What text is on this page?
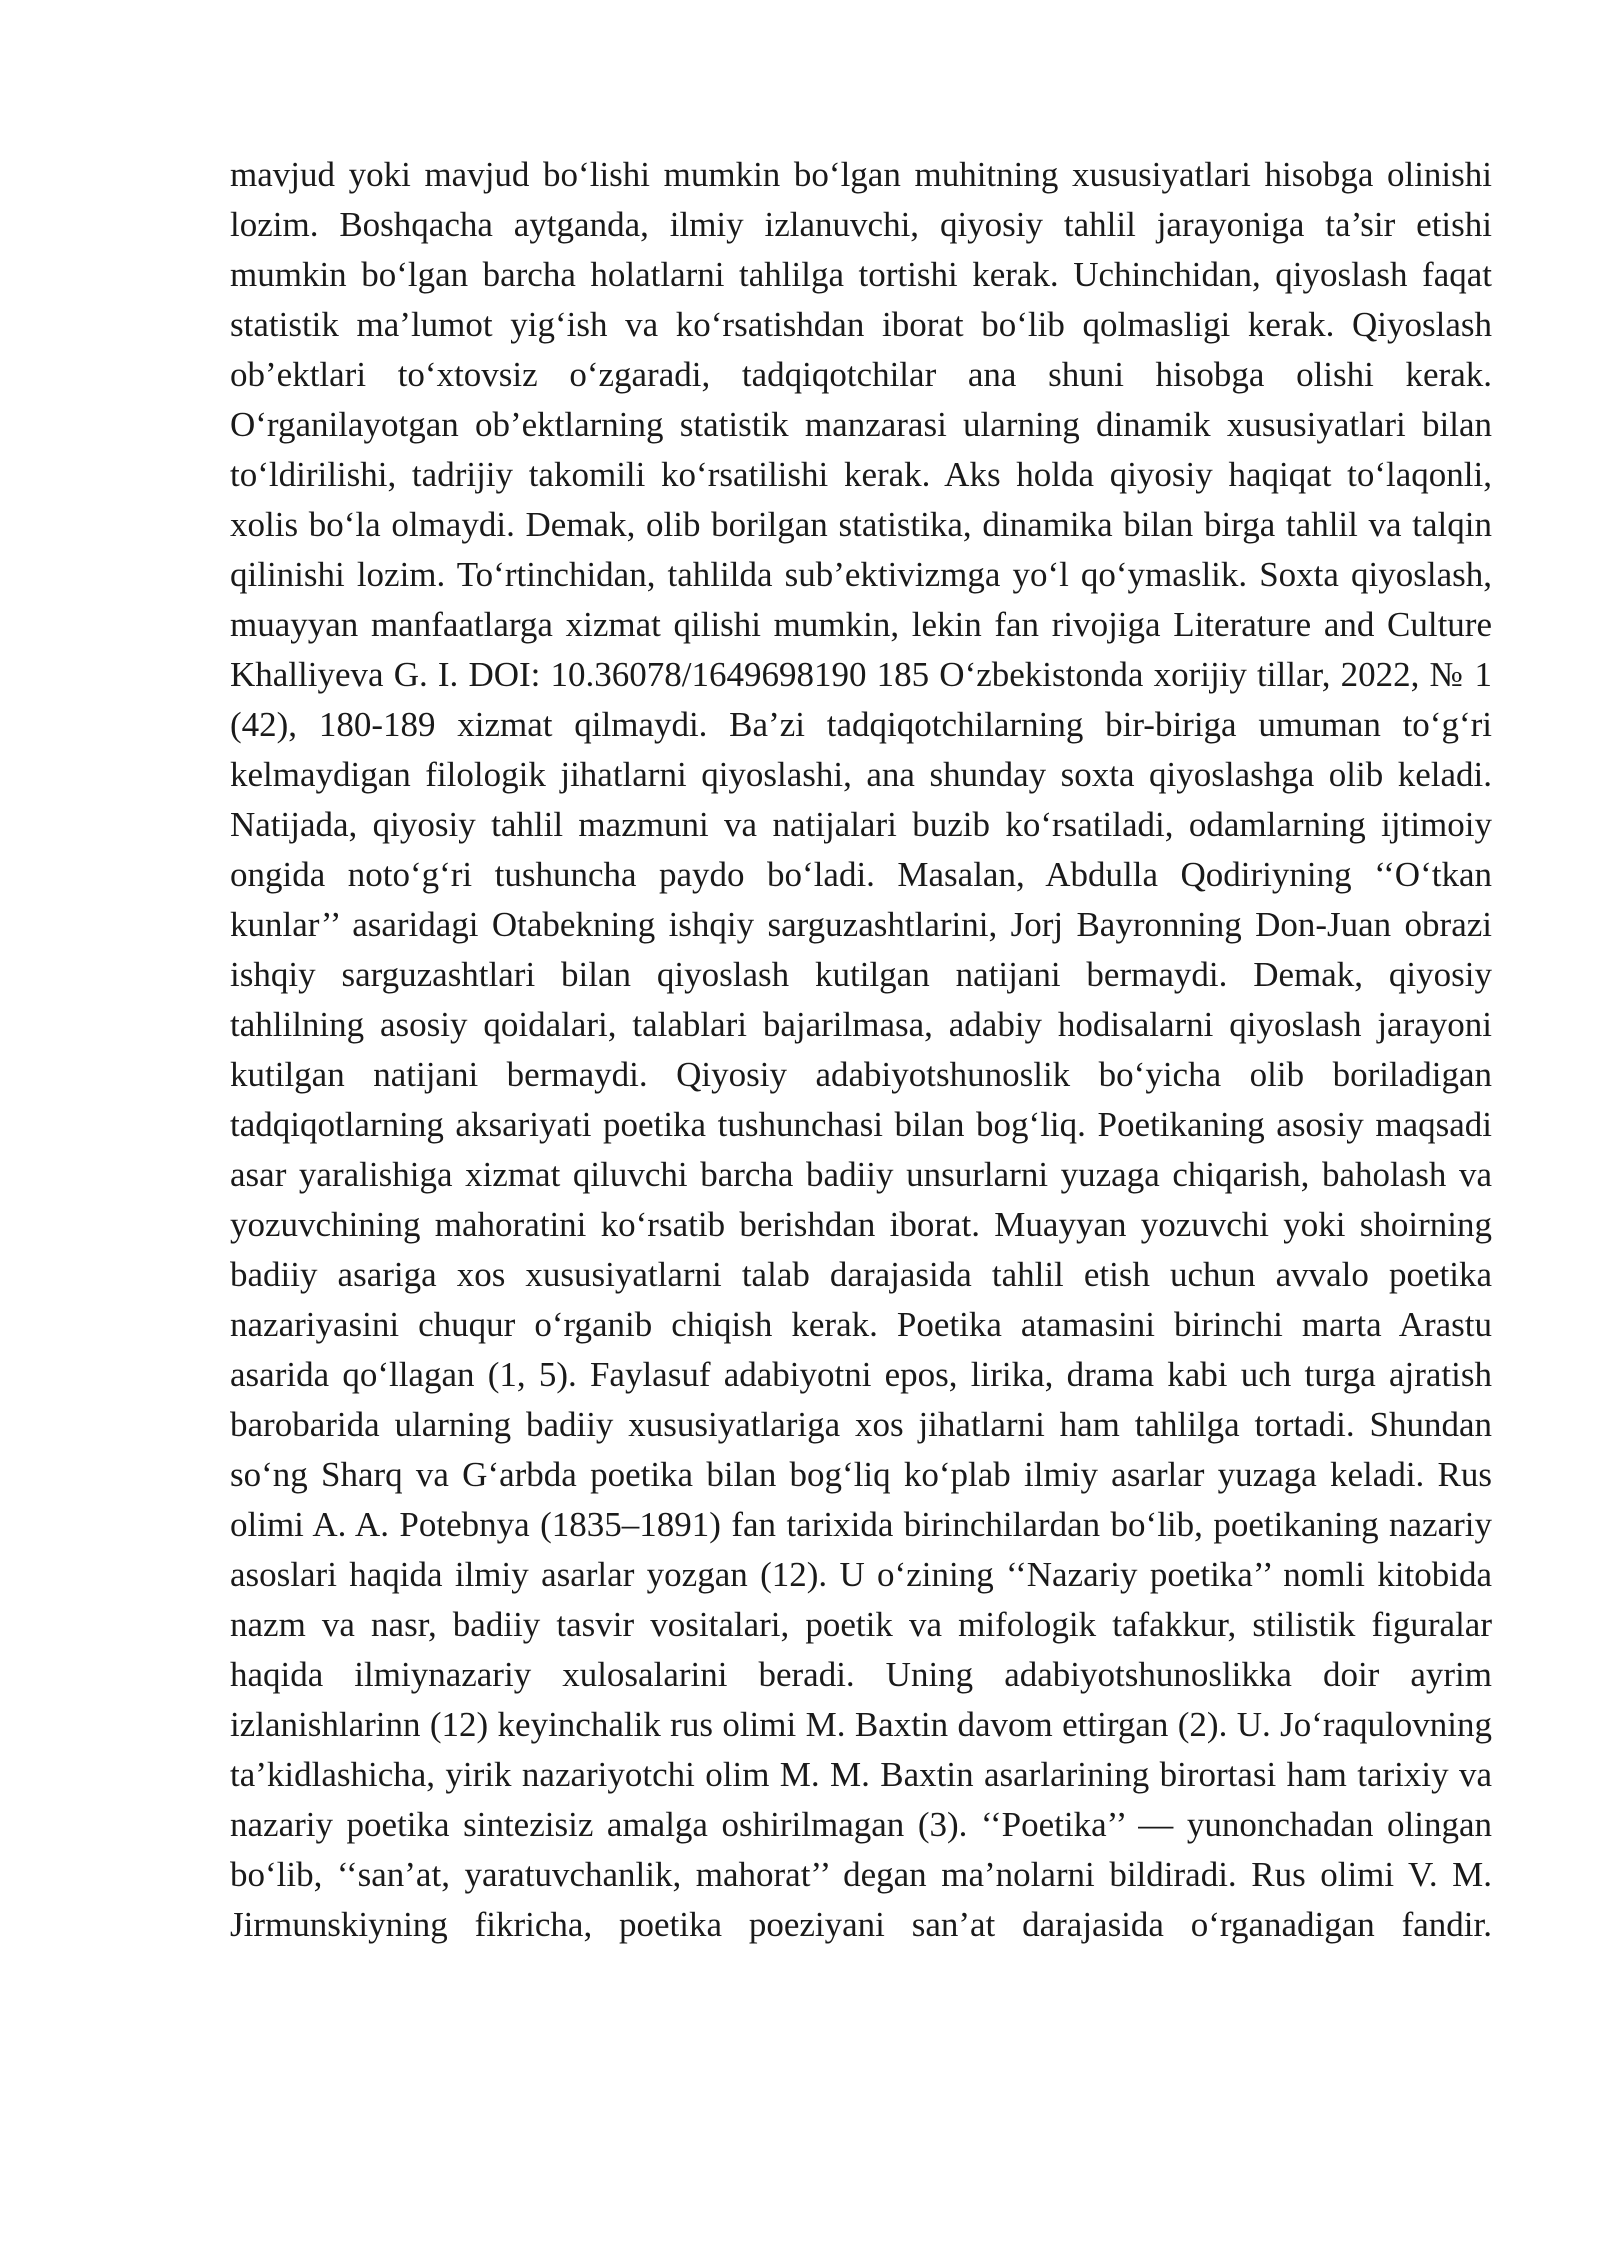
mavjud yoki mavjud bo‘lishi mumkin bo‘lgan muhitning xususiyatlari hisobga olinishi lozim. Boshqacha aytganda, ilmiy izlanuvchi, qiyosiy tahlil jarayoniga ta’sir etishi mumkin bo‘lgan barcha holatlarni tahlilga tortishi kerak. Uchinchidan, qiyoslash faqat statistik ma’lumot yig‘ish va ko‘rsatishdan iborat bo‘lib qolmasligi kerak. Qiyoslash ob’ektlari to‘xtovsiz o‘zgaradi, tadqiqotchilar ana shuni hisobga olishi kerak. O‘rganilayotgan ob’ektlarning statistik manzarasi ularning dinamik xususiyatlari bilan to‘ldirilishi, tadrijiy takomili ko‘rsatilishi kerak. Aks holda qiyosiy haqiqat to‘laqonli, xolis bo‘la olmaydi. Demak, olib borilgan statistika, dinamika bilan birga tahlil va talqin qilinishi lozim. To‘rtinchidan, tahlilda sub’ektivizmga yo‘l qo‘ymaslik. Soxta qiyoslash, muayyan manfaatlarga xizmat qilishi mumkin, lekin fan rivojiga Literature and Culture Khalliyeva G. I. DOI: 10.36078/1649698190 185 O‘zbekistonda xorijiy tillar, 2022, № 1 (42), 180-189 xizmat qilmaydi. Ba’zi tadqiqotchilarning bir-biriga umuman to‘g‘ri kelmaydigan filologik jihatlarni qiyoslashi, ana shunday soxta qiyoslashga olib keladi. Natijada, qiyosiy tahlil mazmuni va natijalari buzib ko‘rsatiladi, odamlarning ijtimoiy ongida noto‘g‘ri tushuncha paydo bo‘ladi. Masalan, Abdulla Qodiriyning ‘‘O‘tkan kunlar’’ asaridagi Otabekning ishqiy sarguzashtlarini, Jorj Bayronning Don-Juan obrazi ishqiy sarguzashtlari bilan qiyoslash kutilgan natijani bermaydi. Demak, qiyosiy tahlilning asosiy qoidalari, talablari bajarilmasa, adabiy hodisalarni qiyoslash jarayoni kutilgan natijani bermaydi. Qiyosiy adabiyotshunoslik bo‘yicha olib boriladigan tadqiqotlarning aksariyati poetika tushunchasi bilan bog‘liq. Poetikaning asosiy maqsadi asar yaralishiga xizmat qiluvchi barcha badiiy unsurlarni yuzaga chiqarish, baholash va yozuvchining mahoratini ko‘rsatib berishdan iborat. Muayyan yozuvchi yoki shoirning badiiy asariga xos xususiyatlarni talab darajasida tahlil etish uchun avvalo poetika nazariyasini chuqur o‘rganib chiqish kerak. Poetika atamasini birinchi marta Arastu asarida qo‘llagan (1, 5). Faylasuf adabiyotni epos, lirika, drama kabi uch turga ajratish barobarida ularning badiiy xususiyatlariga xos jihatlarni ham tahlilga tortadi. Shundan so‘ng Sharq va G‘arbda poetika bilan bog‘liq ko‘plab ilmiy asarlar yuzaga keladi. Rus olimi A. A. Potebnya (1835–1891) fan tarixida birinchilardan bo‘lib, poetikaning nazariy asoslari haqida ilmiy asarlar yozgan (12). U o‘zining ‘‘Nazariy poetika’’ nomli kitobida nazm va nasr, badiiy tasvir vositalari, poetik va mifologik tafakkur, stilistik figuralar haqida ilmiynazariy xulosalarini beradi. Uning adabiyotshunoslikka doir ayrim izlanishlarinn (12) keyinchalik rus olimi M. Baxtin davom ettirgan (2). U. Jo‘raqulovning ta’kidlashicha, yirik nazariyotchi olim M. M. Baxtin asarlarining birortasi ham tarixiy va nazariy poetika sintezisiz amalga oshirilmagan (3). ‘‘Poetika’’ — yunonchadan olingan bo‘lib, ‘‘san’at, yaratuvchanlik, mahorat’’ degan ma’nolarni bildiradi. Rus olimi V. M. Jirmunskiyning fikricha, poetika poeziyani san’at darajasida o‘rganadigan fandir.
